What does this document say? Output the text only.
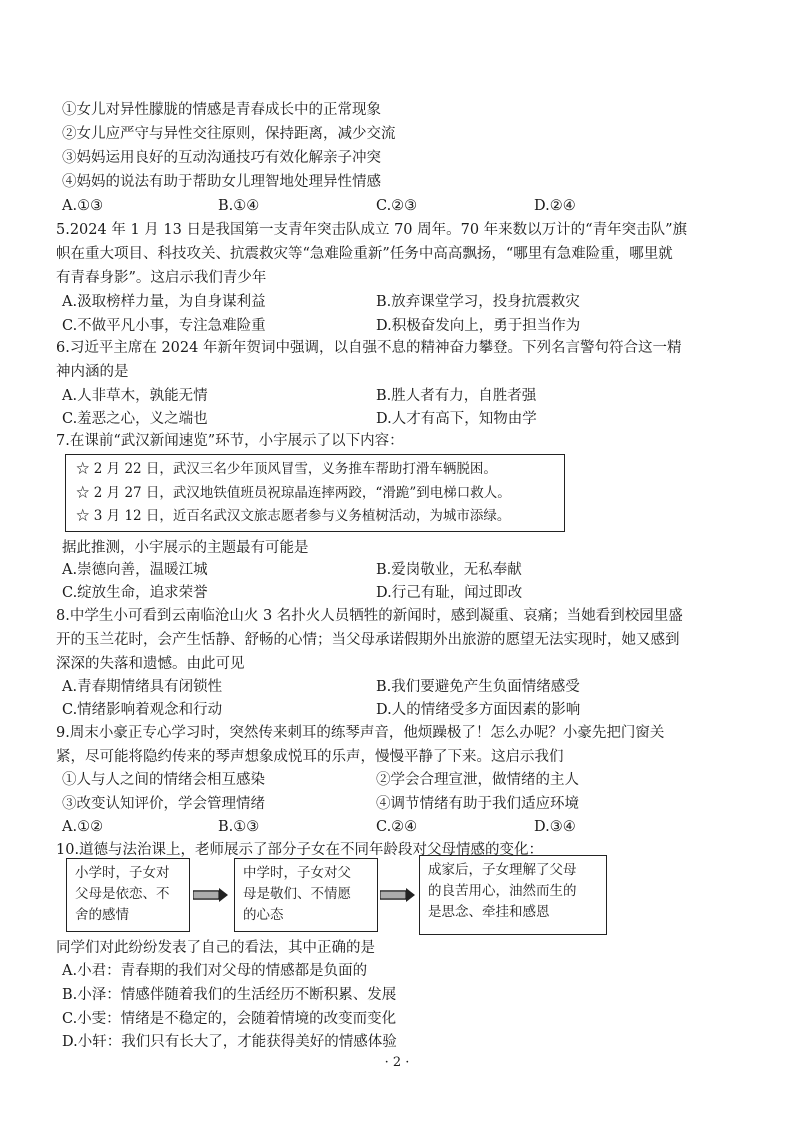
①女儿对异性朦胧的情感是青春成长中的正常现象
②女儿应严守与异性交往原则，保持距离，减少交流
③妈妈运用良好的互动沟通技巧有效化解亲子冲突
④妈妈的说法有助于帮助女儿理智地处理异性情感
A.①③	B.①④	C.②③	D.②④
5.2024 年 1 月 13 日是我国第一支青年突击队成立 70 周年。70 年来数以万计的“青年突击队”旗
帜在重大项目、科技攻关、抗震救灾等“急难险重新”任务中高高飘扬，“哪里有急难险重，哪里就
有青春身影”。这启示我们青少年
A.汲取榜样力量，为自身谋利益	B.放弃课堂学习，投身抗震救灾
C.不做平凡小事，专注急难险重	D.积极奋发向上，勇于担当作为
6.习近平主席在 2024 年新年贺词中强调，以自强不息的精神奋力攀登。下列名言警句符合这一精
神内涵的是
A.人非草木，孰能无情	B.胜人者有力，自胜者强
C.羞恶之心，义之端也	D.人才有高下，知物由学
7.在课前“武汉新闻速览”环节，小宇展示了以下内容：
☆ 2 月 22 日，武汉三名少年顶风冒雪，义务推车帮助打滑车辆脱困。
☆ 2 月 27 日，武汉地铁值班员祝琼晶连摔两跤，“滑跪”到电梯口救人。
☆ 3 月 12 日，近百名武汉文旅志愿者参与义务植树活动，为城市添绿。
据此推测，小宇展示的主题最有可能是
A.崇德向善，温暖江城	B.爱岗敬业，无私奉献
C.绽放生命，追求荣誉	D.行己有耻，闻过即改
8.中学生小可看到云南临沧山火 3 名扑火人员牺牲的新闻时，感到凝重、哀痛；当她看到校园里盛
开的玉兰花时，会产生恬静、舒畅的心情；当父母承诺假期外出旅游的愿望无法实现时，她又感到
深深的失落和遗憾。由此可见
A.青春期情绪具有闭锁性	B.我们要避免产生负面情绪感受
C.情绪影响着观念和行动	D.人的情绪受多方面因素的影响
9.周末小豪正专心学习时，突然传来刺耳的练琴声音，他烦躁极了！怎么办呢？小豪先把门窗关
紧，尽可能将隐约传来的琴声想象成悦耳的乐声，慢慢平静了下来。这启示我们
①人与人之间的情绪会相互感染	②学会合理宣泄，做情绪的主人
③改变认知评价，学会管理情绪	④调节情绪有助于我们适应环境
A.①②	B.①③	C.②④	D.③④
10.道德与法治课上，老师展示了部分子女在不同年龄段对父母情感的变化：
小学时，子女对
父母是依恋、不
舍的感情
中学时，子女对父
母是敬们、不情愿
的心态
成家后，子女理解了父母
的良苦用心，油然而生的
是思念、牵挂和感恩
同学们对此纷纷发表了自己的看法，其中正确的是
A.小君：青春期的我们对父母的情感都是负面的
B.小泽：情感伴随着我们的生活经历不断积累、发展
C.小雯：情绪是不稳定的，会随着情境的改变而变化
D.小轩：我们只有长大了，才能获得美好的情感体验
· 2 ·
